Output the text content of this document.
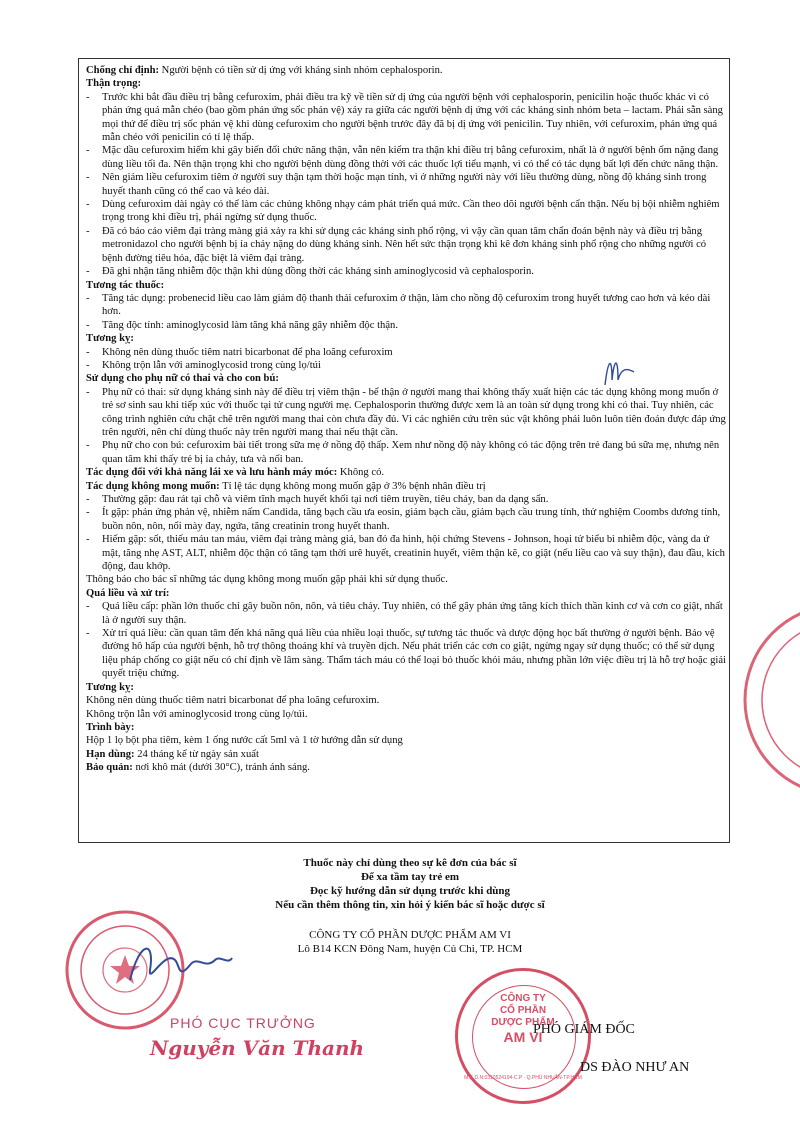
Chống chỉ định: Người bệnh có tiền sử dị ứng với kháng sinh nhóm cephalosporin.

Thận trọng:

- Trước khi bắt đầu điều trị bằng cefuroxim, phải điều tra kỹ về tiền sử dị ứng của người bệnh với cephalosporin, penicilin hoặc thuốc khác vì có phản ứng quá mẫn chéo (bao gồm phản ứng sốc phản vệ) xảy ra giữa các người bệnh dị ứng với các kháng sinh nhóm beta – lactam. Phải sẵn sàng mọi thứ để điều trị sốc phản vệ khi dùng cefuroxim cho người bệnh trước đây đã bị dị ứng với penicilin. Tuy nhiên, với cefuroxim, phản ứng quá mẫn chéo với penicilin có tỉ lệ thấp.
- Mặc dầu cefuroxim hiếm khi gây biến đổi chức năng thận, vẫn nên kiểm tra thận khi điều trị bằng cefuroxim, nhất là ở người bệnh ốm nặng đang dùng liều tối đa. Nên thận trọng khi cho người bệnh dùng đồng thời với các thuốc lợi tiểu mạnh, vì có thể có tác dụng bất lợi đến chức năng thận.
- Nên giảm liều cefuroxim tiêm ở người suy thận tạm thời hoặc mạn tính, vì ở những người này với liều thường dùng, nồng độ kháng sinh trong huyết thanh cũng có thể cao và kéo dài.
- Dùng cefuroxim dài ngày có thể làm các chủng không nhạy cảm phát triển quá mức. Cần theo dõi người bệnh cẩn thận. Nếu bị bội nhiễm nghiêm trọng trong khi điều trị, phải ngừng sử dụng thuốc.
- Đã có báo cáo viêm đại tràng màng giả xảy ra khi sử dụng các kháng sinh phổ rộng, vì vậy cần quan tâm chẩn đoán bệnh này và điều trị bằng metronidazol cho người bệnh bị ỉa chảy nặng do dùng kháng sinh. Nên hết sức thận trọng khi kê đơn kháng sinh phổ rộng cho những người có bệnh đường tiêu hóa, đặc biệt là viêm đại tràng.
- Đã ghi nhận tăng nhiễm độc thận khi dùng đồng thời các kháng sinh aminoglycosid và cephalosporin.

Tương tác thuốc:

- Tăng tác dụng: probenecid liều cao làm giảm độ thanh thải cefuroxim ở thận, làm cho nồng độ cefuroxim trong huyết tương cao hơn và kéo dài hơn.
- Tăng độc tính: aminoglycosid làm tăng khả năng gây nhiễm độc thận.

Tương kỵ:

- Không nên dùng thuốc tiêm natri bicarbonat để pha loãng cefuroxim
- Không trộn lẫn với aminoglycosid trong cùng lọ/túi

Sử dụng cho phụ nữ có thai và cho con bú:

- Phụ nữ có thai: sử dụng kháng sinh này để điều trị viêm thận - bể thận ở người mang thai không thấy xuất hiện các tác dụng không mong muốn ở trẻ sơ sinh sau khi tiếp xúc với thuốc tại tử cung người mẹ. Cephalosporin thường được xem là an toàn sử dụng trong khi có thai. Tuy nhiên, các công trình nghiên cứu chặt chẽ trên người mang thai còn chưa đầy đủ. Vì các nghiên cứu trên súc vật không phải luôn luôn tiên đoán được đáp ứng trên người, nên chỉ dùng thuốc này trên người mang thai nếu thật cần.
- Phụ nữ cho con bú: cefuroxim bài tiết trong sữa mẹ ở nồng độ thấp. Xem như nồng độ này không có tác động trên trẻ đang bú sữa mẹ, nhưng nên quan tâm khi thấy trẻ bị ỉa chảy, tưa và nổi ban.

Tác dụng đối với khả năng lái xe và lưu hành máy móc: Không có.

Tác dụng không mong muốn: Tỉ lệ tác dụng không mong muốn gặp ở 3% bệnh nhân điều trị

- Thường gặp: đau rát tại chỗ và viêm tĩnh mạch huyết khối tại nơi tiêm truyền, tiêu chảy, ban da dạng sẩn.
- Ít gặp: phản ứng phản vệ, nhiễm nấm Candida, tăng bạch cầu ưa eosin, giảm bạch cầu, giảm bạch cầu trung tính, thử nghiệm Coombs dương tính, buồn nôn, nôn, nổi mày đay, ngứa, tăng creatinin trong huyết thanh.
- Hiếm gặp: sốt, thiếu máu tan máu, viêm đại tràng màng giả, ban đỏ đa hình, hội chứng Stevens - Johnson, hoại tử biểu bì nhiễm độc, vàng da ứ mật, tăng nhẹ AST, ALT, nhiễm độc thận có tăng tạm thời urê huyết, creatinin huyết, viêm thận kẽ, co giật (nếu liều cao và suy thận), đau đầu, kích động, đau khớp.

Thông báo cho bác sĩ những tác dụng không mong muốn gặp phải khi sử dụng thuốc.

Quá liều và xử trí:

- Quá liều cấp: phần lớn thuốc chỉ gây buồn nôn, nôn, và tiêu chảy. Tuy nhiên, có thể gây phản ứng tăng kích thích thần kinh cơ và cơn co giật, nhất là ở người suy thận.
- Xử trí quá liều: cần quan tâm đến khả năng quá liều của nhiều loại thuốc, sự tương tác thuốc và dược động học bất thường ở người bệnh. Bảo vệ đường hô hấp của người bệnh, hỗ trợ thông thoáng khí và truyền dịch. Nếu phát triển các cơn co giật, ngừng ngay sử dụng thuốc; có thể sử dụng liệu pháp chống co giật nếu có chỉ định về lâm sàng. Thẩm tách máu có thể loại bỏ thuốc khỏi máu, nhưng phần lớn việc điều trị là hỗ trợ hoặc giải quyết triệu chứng.

Tương kỵ:

Không nên dùng thuốc tiêm natri bicarbonat để pha loãng cefuroxim.

Không trộn lẫn với aminoglycosid trong cùng lọ/túi.

Trình bày:

Hộp 1 lọ bột pha tiêm, kèm 1 ống nước cất 5ml và 1 tờ hướng dẫn sử dụng

Hạn dùng: 24 tháng kể từ ngày sản xuất

Bảo quản: nơi khô mát (dưới 30°C), tránh ánh sáng.

Thuốc này chỉ dùng theo sự kê đơn của bác sĩ
Để xa tầm tay trẻ em
Đọc kỹ hướng dẫn sử dụng trước khi dùng
Nếu cần thêm thông tin, xin hỏi ý kiến bác sĩ hoặc dược sĩ
CÔNG TY CỔ PHẦN DƯỢC PHẨM AM VI
Lô B14 KCN Đông Nam, huyện Củ Chi, TP. HCM
CÔNG TY
CỔ PHẦN
DƯỢC PHẨM
AM VI
M.S.D.N:0310524194-C.P · Q.PHÚ NHUẬN-TP.HCM
PHÓ CỤC TRƯỞNG
Nguyễn Văn Thanh
PHÓ GIÁM ĐỐC
DS ĐÀO NHƯ AN
